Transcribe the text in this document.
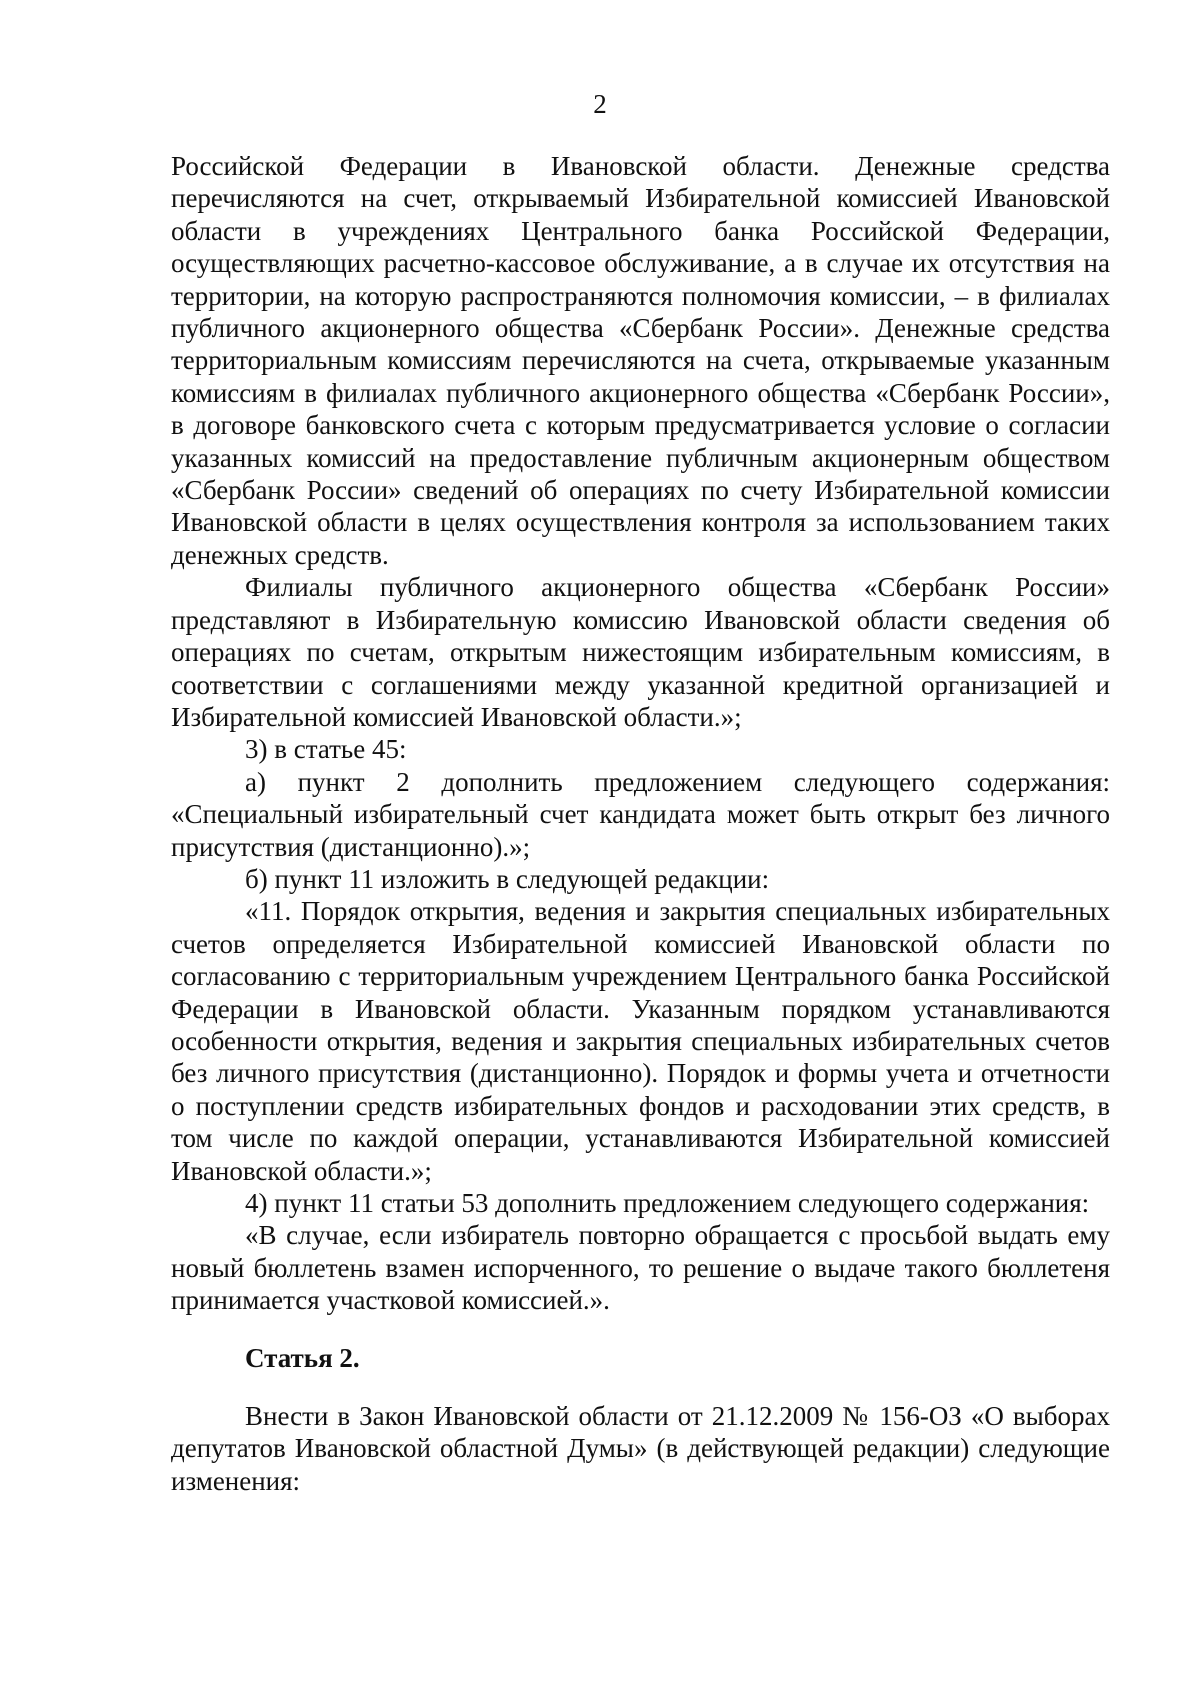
2

Российской Федерации в Ивановской области. Денежные средства перечисляются на счет, открываемый Избирательной комиссией Ивановской области в учреждениях Центрального банка Российской Федерации, осуществляющих расчетно-кассовое обслуживание, а в случае их отсутствия на территории, на которую распространяются полномочия комиссии, – в филиалах публичного акционерного общества «Сбербанк России». Денежные средства территориальным комиссиям перечисляются на счета, открываемые указанным комиссиям в филиалах публичного акционерного общества «Сбербанк России», в договоре банковского счета с которым предусматривается условие о согласии указанных комиссий на предоставление публичным акционерным обществом «Сбербанк России» сведений об операциях по счету Избирательной комиссии Ивановской области в целях осуществления контроля за использованием таких денежных средств.

Филиалы публичного акционерного общества «Сбербанк России» представляют в Избирательную комиссию Ивановской области сведения об операциях по счетам, открытым нижестоящим избирательным комиссиям, в соответствии с соглашениями между указанной кредитной организацией и Избирательной комиссией Ивановской области.»;

3) в статье 45:

а) пункт 2 дополнить предложением следующего содержания: «Специальный избирательный счет кандидата может быть открыт без личного присутствия (дистанционно).»;

б) пункт 11 изложить в следующей редакции:

«11. Порядок открытия, ведения и закрытия специальных избирательных счетов определяется Избирательной комиссией Ивановской области по согласованию с территориальным учреждением Центрального банка Российской Федерации в Ивановской области. Указанным порядком устанавливаются особенности открытия, ведения и закрытия специальных избирательных счетов без личного присутствия (дистанционно). Порядок и формы учета и отчетности о поступлении средств избирательных фондов и расходовании этих средств, в том числе по каждой операции, устанавливаются Избирательной комиссией Ивановской области.»;

4) пункт 11 статьи 53 дополнить предложением следующего содержания:

«В случае, если избиратель повторно обращается с просьбой выдать ему новый бюллетень взамен испорченного, то решение о выдаче такого бюллетеня принимается участковой комиссией.».

Статья 2.

Внести в Закон Ивановской области от 21.12.2009 № 156-ОЗ «О выборах депутатов Ивановской областной Думы» (в действующей редакции) следующие изменения:
